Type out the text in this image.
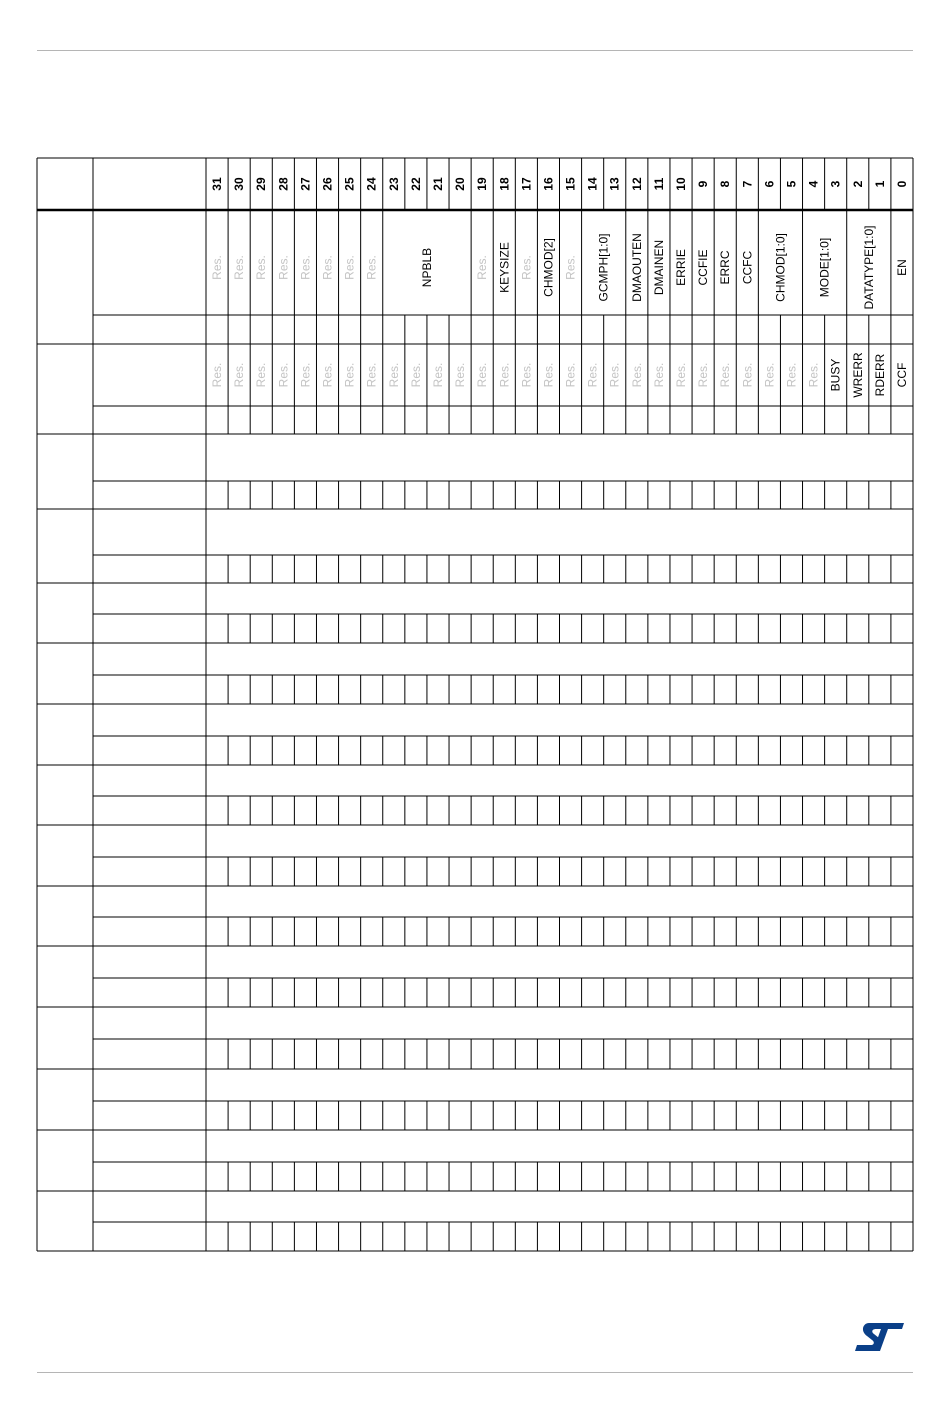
31 30 29 28 27 26 25 24 23 22 21 20 19 18 17 16 15 14 13 12 11 10 9 8 7 6 5 4 3 2 1 0
Res. Res. Res. Res. Res. Res. Res. Res.	NPBLB	Res. KEYSIZE Res. CHMOD[2] Res. GCMPH[1:0] DMAOUTEN DMAINEN ERRIE CCFIE ERRC CCFC CHMOD[1:0]	MODE[1:0]	DATATYPE[1:0] EN
Res. Res. Res. Res. Res. Res. Res. Res. Res. Res. Res. Res. Res. Res. Res. Res. Res. Res. Res. Res. Res. Res. Res. Res. Res. Res. Res. Res. BUSY WRERR RDERR CCF
